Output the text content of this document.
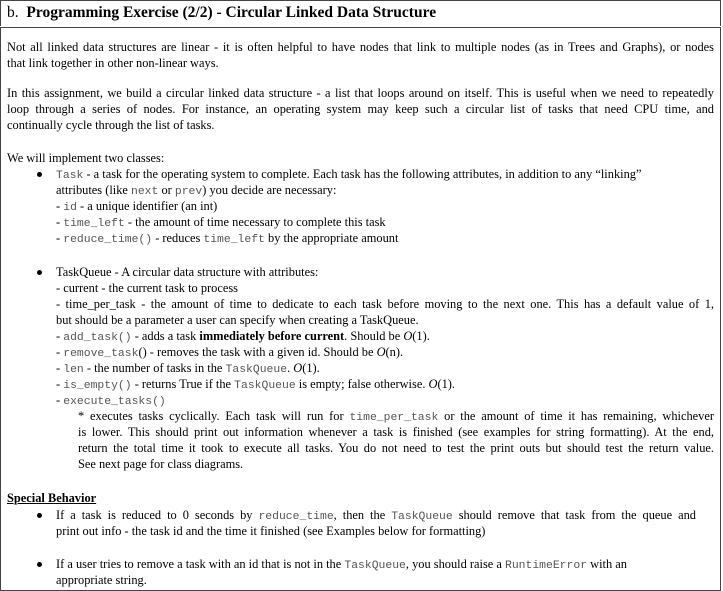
b. Programming Exercise (2/2) - Circular Linked Data Structure
Not all linked data structures are linear - it is often helpful to have nodes that link to multiple nodes (as in Trees and Graphs), or nodes
that link together in other non-linear ways.
In this assignment, we build a circular linked data structure - a list that loops around on itself. This is useful when we need to repeatedly
loop through a series of nodes. For instance, an operating system may keep such a circular list of tasks that need CPU time, and
continually cycle through the list of tasks.
We will implement two classes:
Task - a task for the operating system to complete. Each task has the following attributes, in addition to any “linking”
attributes (like next or prev) you decide are necessary:
- id - a unique identifier (an int)
- time_left - the amount of time necessary to complete this task
- reduce_time() - reduces time_left by the appropriate amount
TaskQueue - A circular data structure with attributes:
- current - the current task to process
- time_per_task - the amount of time to dedicate to each task before moving to the next one. This has a default value of 1,
but should be a parameter a user can specify when creating a TaskQueue.
- add_task() - adds a task immediately before current. Should be O(1).
- remove_task() - removes the task with a given id. Should be O(n).
- len - the number of tasks in the TaskQueue. O(1).
- is_empty() - returns True if the TaskQueue is empty; false otherwise. O(1).
- execute_tasks()
* executes tasks cyclically. Each task will run for time_per_task or the amount of time it has remaining, whichever
is lower. This should print out information whenever a task is finished (see examples for string formatting). At the end,
return the total time it took to execute all tasks. You do not need to test the print outs but should test the return value.
See next page for class diagrams.
Special Behavior
If a task is reduced to 0 seconds by reduce_time, then the TaskQueue should remove that task from the queue and
print out info - the task id and the time it finished (see Examples below for formatting)
If a user tries to remove a task with an id that is not in the TaskQueue, you should raise a RuntimeError with an
appropriate string.
